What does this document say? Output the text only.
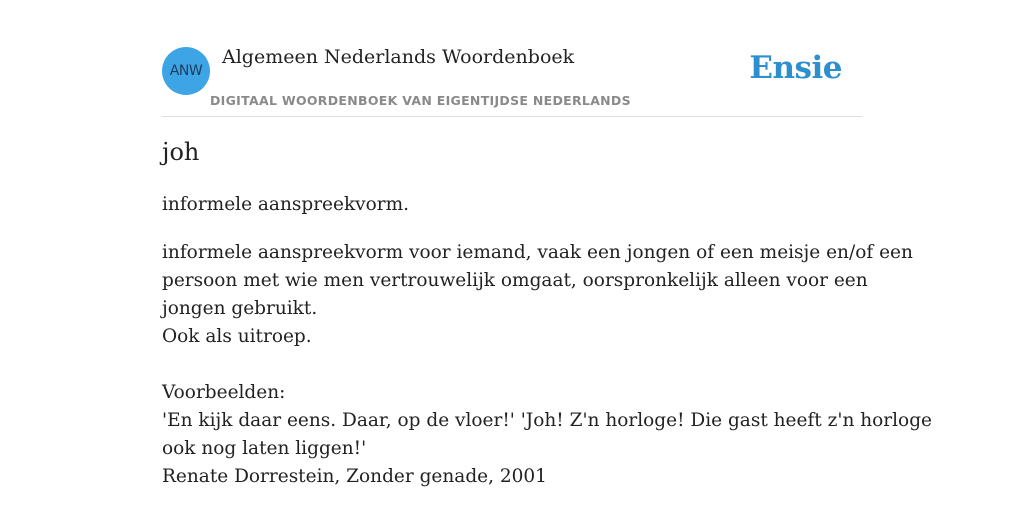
ANW
Algemeen Nederlands Woordenboek
DIGITAAL WOORDENBOEK VAN EIGENTIJDSE NEDERLANDS
Ensie
joh

informele aanspreekvorm.

informele aanspreekvorm voor iemand, vaak een jongen of een meisje en/of een
persoon met wie men vertrouwelijk omgaat, oorspronkelijk alleen voor een
jongen gebruikt.
Ook als uitroep.
Voorbeelden:
'En kijk daar eens. Daar, op de vloer!' 'Joh! Z'n horloge! Die gast heeft z'n horloge
ook nog laten liggen!'
Renate Dorrestein, Zonder genade, 2001
